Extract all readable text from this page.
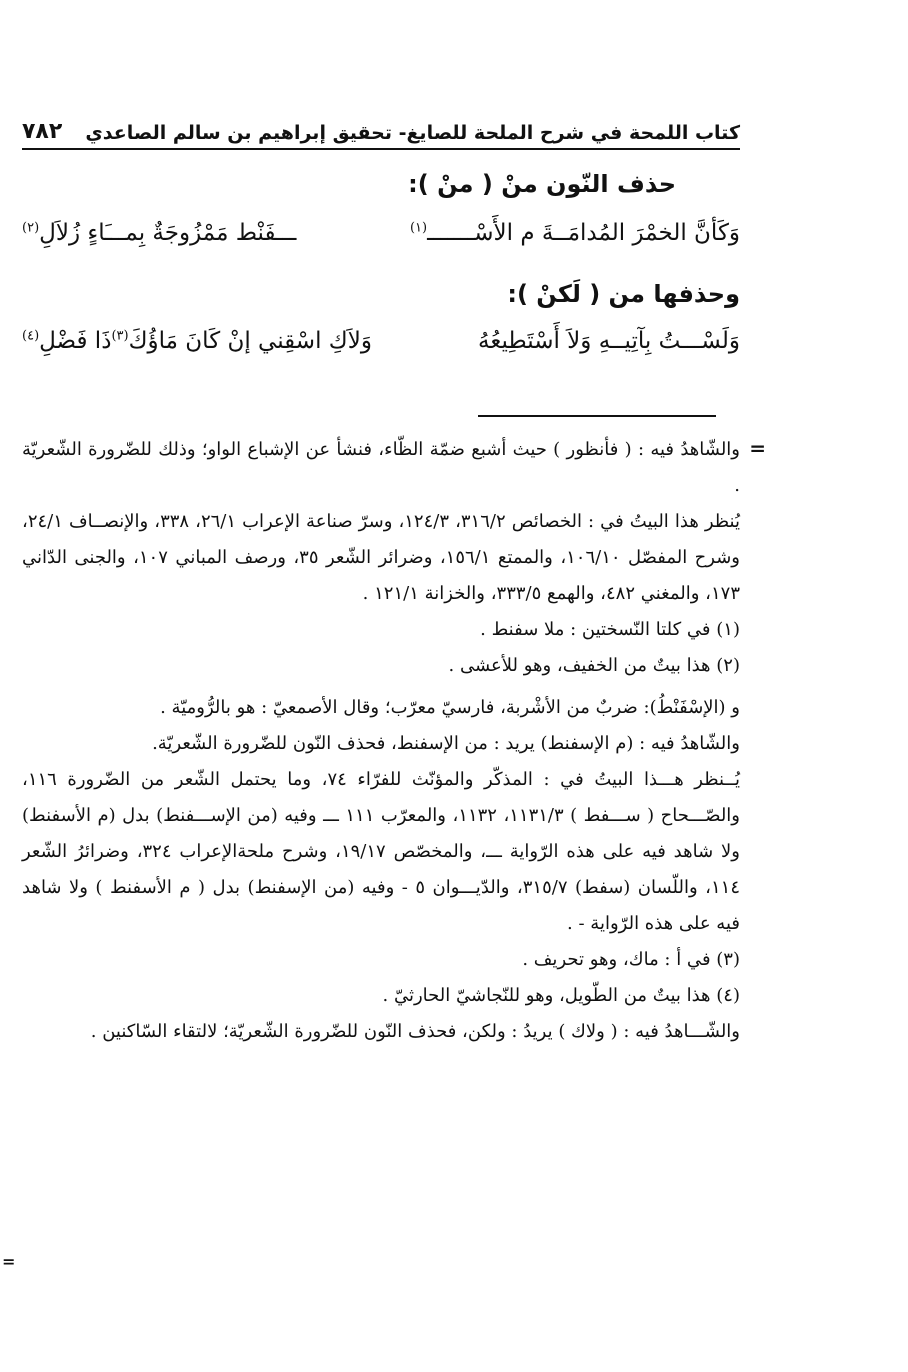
كتاب اللمحة في شرح الملحة للصايغ- تحقيق إبراهيم بن سالم الصاعدي
٧٨٢
حذف النّون منْ ( منْ ):
وَكَأنَّ الخمْرَ المُدامَــةَ م الأَسْـــــــ$^{(١)}$
ـــفَنْط مَمْزُوجَةٌ بِمـــَاءٍ زُلاَلِ$^{(٢)}$
وحذفها من ( لَكنْ ):
وَلَسْـــتُ بِآتِيــهِ وَلاَ أَسْتَطِيعُهُ
وَلاَكِ اسْقِني إنْ كَانَ مَاؤُكَ$^{(٣)}$ذَا فَضْلِ$^{(٤)}$
=

والشّاهدُ فيه : ( فأنظور ) حيث أشبع ضمّة الظّاء، فنشأ عن الإشباع الواو؛ وذلك للضّرورة الشّعريّة .

يُنظر هذا البيتُ في : الخصائص ٣١٦/٢، ١٢٤/٣، وسرّ صناعة الإعراب ٢٦/١، ٣٣٨، والإنصــاف ٢٤/١، وشرح المفصّل ١٠٦/١٠، والممتع ١٥٦/١، وضرائر الشّعر ٣٥، ورصف المباني ١٠٧، والجنى الدّاني ١٧٣، والمغني ٤٨٢، والهمع ٣٣٣/٥، والخزانة ١٢١/١ .

(١) في كلتا النّسختين : ملا سفنط .

(٢) هذا بيتٌ من الخفيف، وهو للأعشى .

و (الإسْفَنْطُ): ضربٌ من الأشْربة، فارسيّ معرّب؛ وقال الأصمعيّ : هو بالرُّوميّة .

والشّاهدُ فيه : (م الإسفنط) يريد : من الإسفنط، فحذف النّون للضّرورة الشّعريّة.

يُــنظر هـــذا البيتُ في : المذكّر والمؤنّث للفرّاء ٧٤، وما يحتمل الشّعر من الضّرورة ١١٦، والصّـــحاح ( ســـفط ) ١١٣١/٣، ١١٣٢، والمعرّب ١١١ ـــ وفيه (من الإســـفنط) بدل (م الأسفنط) ولا شاهد فيه على هذه الرّواية ـــ، والمخصّص ١٩/١٧، وشرح ملحةالإعراب ٣٢٤، وضرائرُ الشّعر ١١٤، واللّسان (سفط) ٣١٥/٧، والدّيـــوان ٥ - وفيه (من الإسفنط) بدل ( م الأسفنط ) ولا شاهد فيه على هذه الرّواية - .

(٣) في أ : ماك، وهو تحريف .

(٤) هذا بيتٌ من الطّويل، وهو للنّجاشيّ الحارثيّ .

والشّـــاهدُ فيه : ( ولاك ) يريدُ : ولكن، فحذف النّون للضّرورة الشّعريّة؛ لالتقاء السّاكنين .

=
